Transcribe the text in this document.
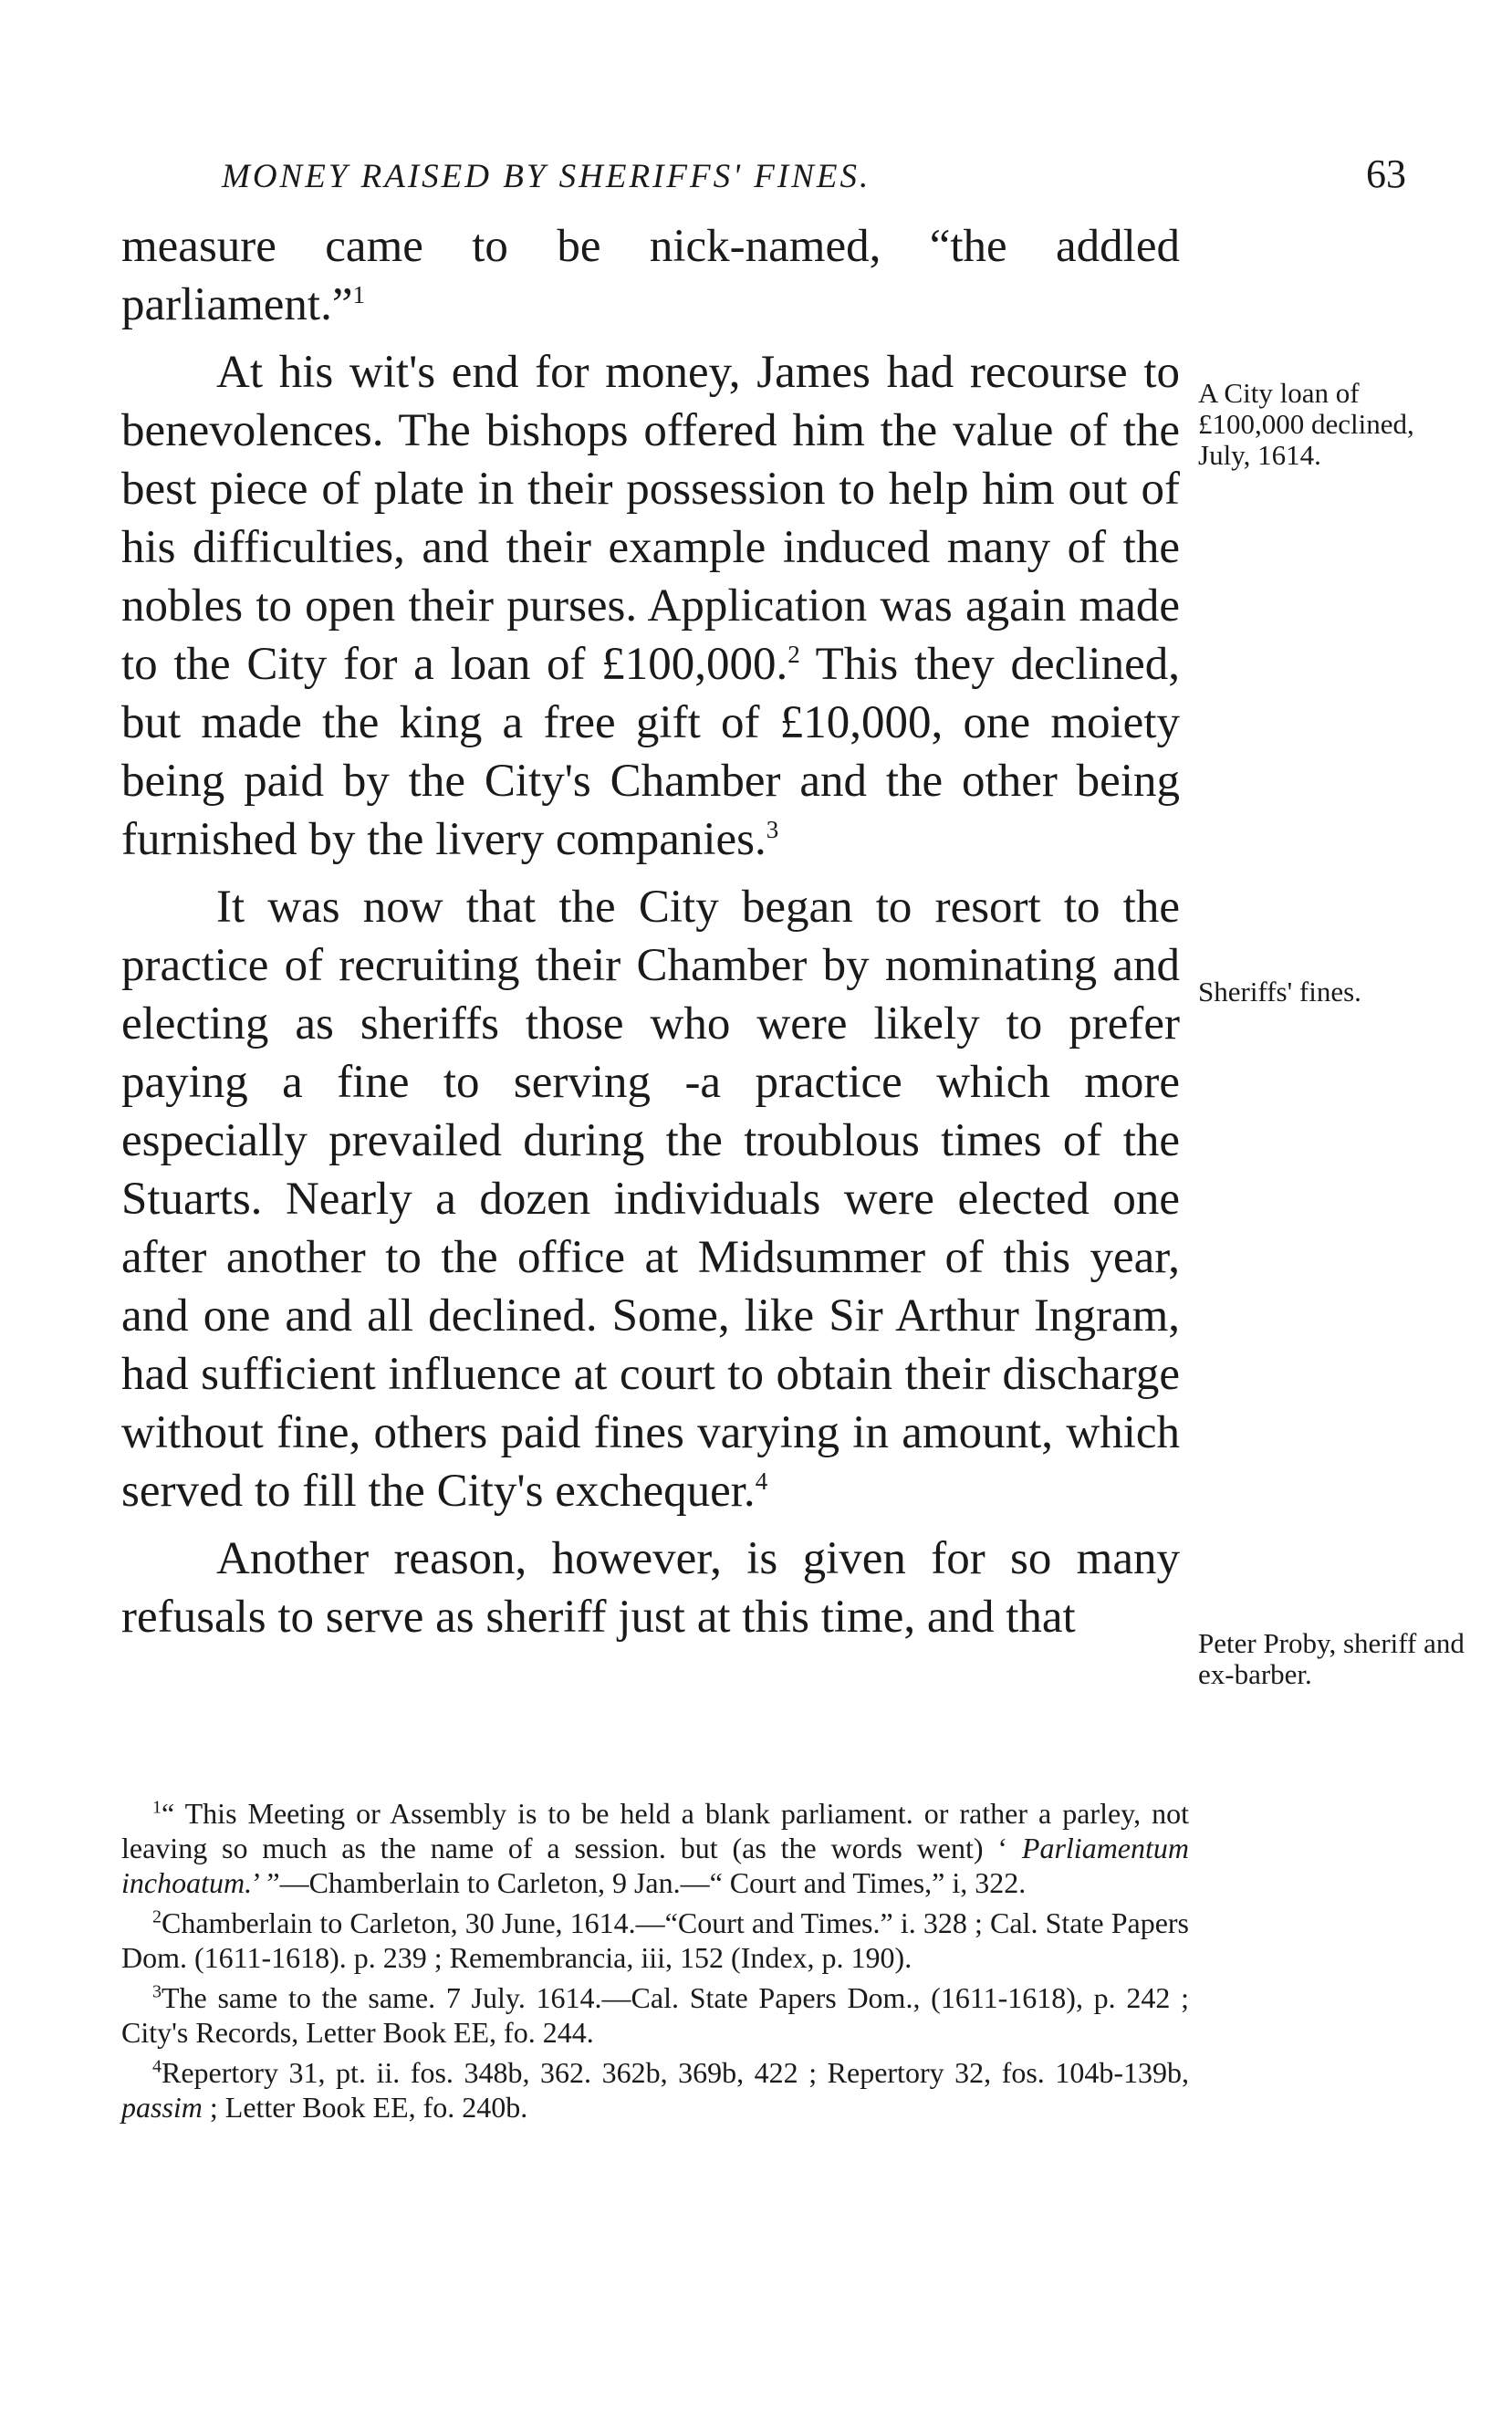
MONEY RAISED BY SHERIFFS' FINES.	63

measure came to be nick-named, “the addled parliament.”$^1$

At his wit's end for money, James had recourse to benevolences. The bishops offered him the value of the best piece of plate in their possession to help him out of his difficulties, and their example induced many of the nobles to open their purses. Application was again made to the City for a loan of £100,000.$^2$ This they declined, but made the king a free gift of £10,000, one moiety being paid by the City's Chamber and the other being furnished by the livery companies.$^3$

It was now that the City began to resort to the practice of recruiting their Chamber by nominating and electing as sheriffs those who were likely to prefer paying a fine to serving -a practice which more especially prevailed during the troublous times of the Stuarts. Nearly a dozen individuals were elected one after another to the office at Midsummer of this year, and one and all declined. Some, like Sir Arthur Ingram, had sufficient influence at court to obtain their discharge without fine, others paid fines varying in amount, which served to fill the City's exchequer.$^4$

Another reason, however, is given for so many refusals to serve as sheriff just at this time, and that

A City loan of £100,000 declined, July, 1614.
Sheriffs' fines.
Peter Proby, sheriff and ex-barber.

$^1$“ This Meeting or Assembly is to be held a blank parliament. or rather a parley, not leaving so much as the name of a session. but (as the words went) ‘ Parliamentum inchoatum.’ ”—Chamberlain to Carleton, 9 Jan.—“ Court and Times,” i, 322.

$^2$Chamberlain to Carleton, 30 June, 1614.—“Court and Times.” i. 328 ; Cal. State Papers Dom. (1611-1618). p. 239 ; Remembrancia, iii, 152 (Index, p. 190).

$^3$The same to the same. 7 July. 1614.—Cal. State Papers Dom., (1611-1618), p. 242 ; City's Records, Letter Book EE, fo. 244.

$^4$Repertory 31, pt. ii. fos. 348b, 362. 362b, 369b, 422 ; Repertory 32, fos. 104b-139b, passim ; Letter Book EE, fo. 240b.
